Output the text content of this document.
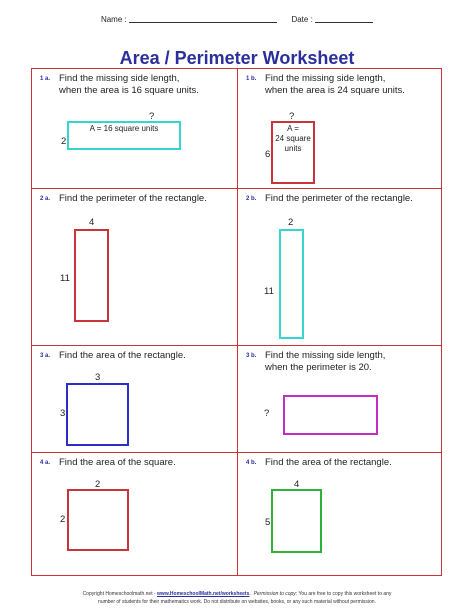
Name :	Date :
Area / Perimeter Worksheet
1 a. Find the missing side length,
when the area is 16 square units.
?
A = 16 square units
2
1 b. Find the missing side length,
when the area is 24 square units.
?
A =
24 square
units
6
2 a. Find the perimeter of the rectangle.
4
11
2 b. Find the perimeter of the rectangle.
2
11
3 a. Find the area of the rectangle.
3
3
3 b. Find the missing side length,
when the perimeter is 20.
?
4 a. Find the area of the square.
2
2
4 b. Find the area of the rectangle.
4
5
Copyright Homeschoolmath.net - www.HomeschoolMath.net/worksheets.  Permission to copy: You are free to copy this worksheet to any
number of students for their mathematics work. Do not distribute on websites, books, or any such material without permission.
